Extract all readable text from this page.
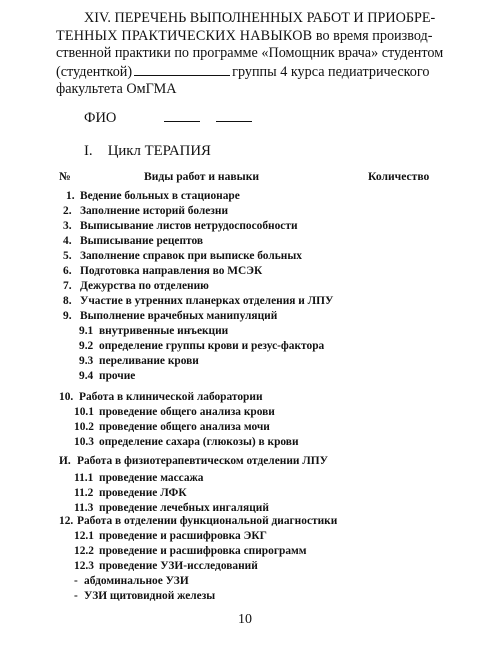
XIV. ПЕРЕЧЕНЬ ВЫПОЛНЕННЫХ РАБОТ И ПРИОБРЕ-
ТЕННЫХ ПРАКТИЧЕСКИХ НАВЫКОВ во время производ-
ственной практики по программе «Помощник врача» студентом
(студенткой)	группы 4 курса педиатрического
факультета ОмГМА
ФИО
I. Цикл ТЕРАПИЯ
№	Виды работ и навыки	Количество
1. Ведение больных в стационаре
2. Заполнение историй болезни
3. Выписывание листов нетрудоспособности
4. Выписывание рецептов
5. Заполнение справок при выписке больных
6. Подготовка направления во МСЭК
7. Дежурства по отделению
8. Участие в утренних планерках отделения и ЛПУ
9. Выполнение врачебных манипуляций
9.1 внутривенные инъекции
9.2 определение группы крови и резус-фактора
9.3 переливание крови
9.4 прочие
10. Работа в клинической лаборатории
10.1 проведение общего анализа крови
10.2 проведение общего анализа мочи
10.3 определение сахара (глюкозы) в крови
И. Работа в физиотерапевтическом отделении ЛПУ
11.1 проведение массажа
11.2 проведение ЛФК
11.3 проведение лечебных ингаляций
12. Работа в отделении функциональной диагностики
12.1 проведение и расшифровка ЭКГ
12.2 проведение и расшифровка спирограмм
12.3 проведение УЗИ-исследований
- абдоминальное УЗИ
- УЗИ щитовидной железы
10
